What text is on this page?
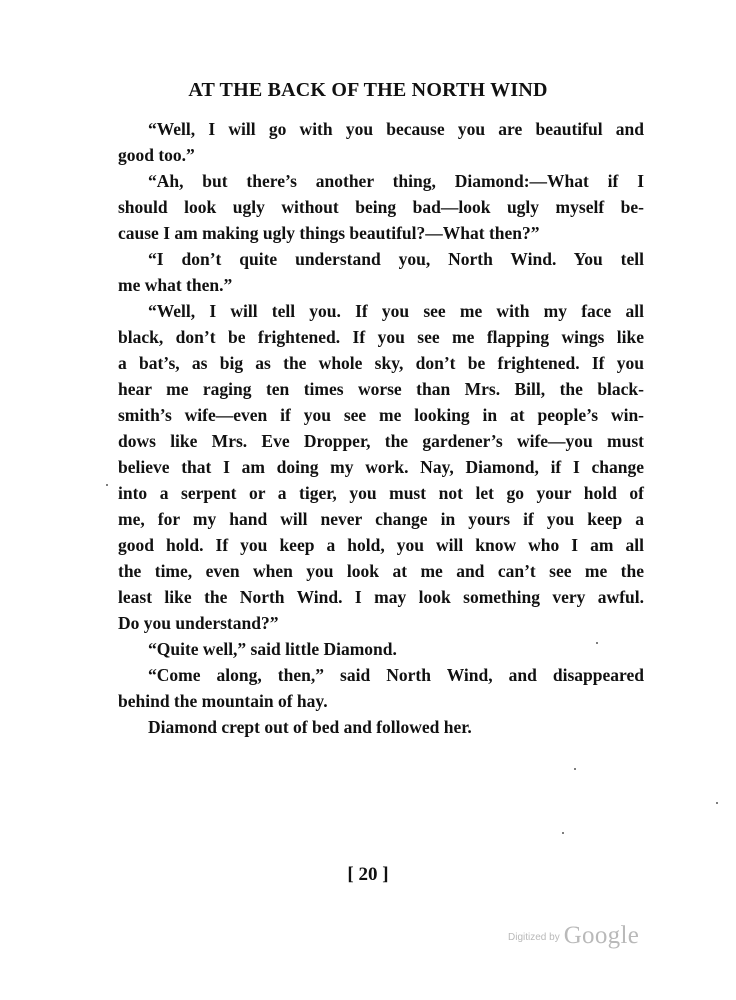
AT THE BACK OF THE NORTH WIND
“Well, I will go with you because you are beautiful and
good too.”
“Ah, but there’s another thing, Diamond:—What if I
should look ugly without being bad—look ugly myself be-
cause I am making ugly things beautiful?—What then?”
“I don’t quite understand you, North Wind. You tell
me what then.”
“Well, I will tell you. If you see me with my face all
black, don’t be frightened. If you see me flapping wings like
a bat’s, as big as the whole sky, don’t be frightened. If you
hear me raging ten times worse than Mrs. Bill, the black-
smith’s wife—even if you see me looking in at people’s win-
dows like Mrs. Eve Dropper, the gardener’s wife—you must
believe that I am doing my work. Nay, Diamond, if I change
into a serpent or a tiger, you must not let go your hold of
me, for my hand will never change in yours if you keep a
good hold. If you keep a hold, you will know who I am all
the time, even when you look at me and can’t see me the
least like the North Wind. I may look something very awful.
Do you understand?”
“Quite well,” said little Diamond.
“Come along, then,” said North Wind, and disappeared
behind the mountain of hay.
Diamond crept out of bed and followed her.
[ 20 ]
Digitized by Google
